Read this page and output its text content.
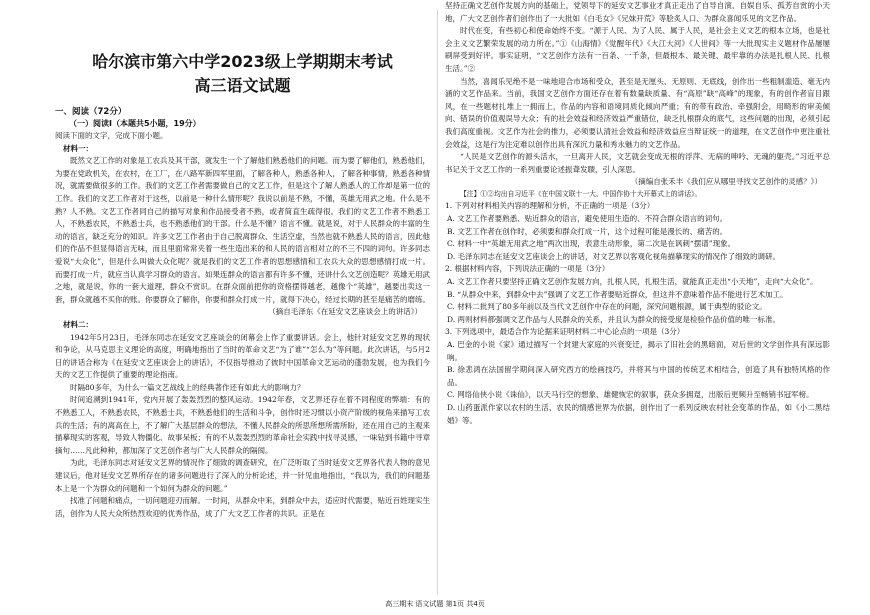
哈尔滨市第六中学2023级上学期期末考试
高三语文试题
一、阅读（72分）
（一）阅读Ⅰ（本题共5小题，19分）
阅读下面的文字，完成下面小题。
材料一：
既然文艺工作的对象是工农兵及其干部，就发生一个了解他们熟悉他们的问题。而为要了解他们，熟悉他们，为要在党政机关，在农村，在工厂，在八路军新四军里面，了解各种人，熟悉各种人，了解各种事情，熟悉各种情况，就需要做很多的工作。我们的文艺工作者需要做自己的文艺工作，但是这个了解人熟悉人的工作却是第一位的工作。我们的文艺工作者对于这些，以前是一种什么情形呢？我说以前是不熟，不懂，英雄无用武之地。什么是不熟？人不熟。文艺工作者同自己的描写对象和作品接受者不熟，或者简直生疏得很。我们的文艺工作者不熟悉工人，不熟悉农民，不熟悉士兵，也不熟悉他们的干部。什么是不懂？语言不懂。就是说，对于人民群众的丰富的生动的语言，缺乏充分的知识。许多文艺工作者由于自己脱离群众、生活空虚，当然也就不熟悉人民的语言，因此他们的作品不但显得语言无味，而且里面常常夹着一些生造出来的和人民的语言相对立的不三不四的词句。许多同志爱说“大众化”，但是什么叫做大众化呢？就是我们的文艺工作者的思想感情和工农兵大众的思想感情打成一片。而要打成一片，就应当认真学习群众的语言。如果连群众的语言都有许多不懂，还讲什么文艺创造呢？英雄无用武之地，就是说，你的一套大道理，群众不赏识。在群众面前把你的资格摆得越老，越像个“英雄”，越要出卖这一套，群众就越不买你的账。你要群众了解你，你要和群众打成一片，就得下决心，经过长期的甚至是痛苦的磨练。
（摘自毛泽东《在延安文艺座谈会上的讲话》）
材料二：
1942年5月23日，毛泽东同志在延安文艺座谈会的闭幕会上作了重要讲话。会上，他针对延安文艺界的现状和争论，从马克思主义理论的高度，明确地指出了当时的革命文艺“为了谁”“怎么为”等问题。此次讲话，与5月2日的讲话合称为《在延安文艺座谈会上的讲话》，不仅指导推动了彼时中国革命文艺运动的蓬勃发展，也为我们今天的文艺工作提供了重要的理论指南。
时隔80多年，为什么一篇文艺战线上的经典著作还有如此大的影响力？
时间追溯到1941年，党内开展了轰轰烈烈的整风运动。1942年春，文艺界还存在着不同程度的弊端：有的不熟悉工人，不熟悉农民，不熟悉士兵，不熟悉他们的生活和斗争，创作时还习惯以小资产阶级的视角来描写工农兵的生活；有的离高在上，不了解广大基层群众的想法，不懂人民群众的所思所想所需所盼，还在用自己的主观来描摹现实的客观，导致人物僵化、故事呆板；有的不从轰轰烈烈的革命社会实践中找寻灵感，一味钻到书籍中寻章摘句……凡此种种，都加深了文艺创作者与广大人民群众的隔阂。
为此，毛泽东同志对延安文艺界的情况作了细致的调查研究，在广泛听取了当时延安文艺界各代表人物的意见建议后，他对延安文艺界所存在的诸多问题进行了深入的分析论述，并一针见血地指出，“我以为，我们的问题基本上是一个为群众的问题和一个如何为群众的问题。”
找准了问题和痛点，一切问题迎刃而解。一时间，从群众中来，到群众中去，适应时代需要，贴近百姓现实生活，创作为人民大众所热烈欢迎的优秀作品，成了广大文艺工作者的共识。正是在
坚持正确文艺创作发展方向的基础上，党领导下的延安文艺事业才真正走出了自导自演、自娱自乐、孤芳自赏的小天地，广大文艺创作者们创作出了一大批如《白毛女》《兄妹开荒》等脍炙人口、为群众喜闻乐见的文艺作品。
时代在变，有些初心和使命始终不变。“源于人民、为了人民、属于人民，是社会主义文艺的根本立场，也是社会主义文艺繁荣发展的动力所在。”①《山海情》《觉醒年代》《大江大河》《人世间》等一大批现实主义题材作品屡屡刷屏受到好评。事实证明，“文艺创作方法有一百条、一千条，但最根本、最关键、最牢靠的办法是扎根人民、扎根生活。”②
当然，喜闻乐见绝不是一味地迎合市场和受众，甚至是无厘头、无原则、无底线，创作出一些粗制滥造、毫无内涵的文艺作品来。当前，我国文艺创作方面还存在着有数量缺质量、有“高原”缺“高峰”的现象，有的创作者盲目跟风，在一些题材扎堆上一拥而上，作品的内容和语境同质化倾向严重；有的带有政治、牵强附会，用畸形的审美倾向、错误的价值观误导大众；有的社会效益和经济效益严重错位，缺乏扎根群众的底气，这些问题的出现，必须引起我们高度重视。文艺作为社会的推力，必须要认清社会效益和经济效益应当辩证统一的道理，在文艺创作中更注重社会效益，这是行为注定难以创作出具有深沉力量和秀永魅力的文艺作品。
“人民是文艺创作的源头活水，一旦离开人民，文艺就会变成无根的浮萍、无病的呻吟、无魂的躯壳。”习近平总书记关于文艺工作的一系列重要论述振聋发聩，引人深思。
（摘编自张禾丰《我们应从哪里寻找文艺创作的灵感？》）
【注】①②均出自习近平《在中国文联十一大、中国作协十大开幕式上的讲话》。
1. 下列对材料相关内容的理解和分析，不正确的一项是（3分）
A. 文艺工作者要熟悉、贴近群众的语言，避免使用生造的、不符合群众语言的词句。
B. 文艺工作者在创作时，必须要和群众打成一片，这个过程可能是漫长的、痛苦的。
C. 材料一中“英雄无用武之地”两次出现，表意生动形象，第二次是在讽刺“摆谱”现象。
D. 毛泽东同志在延安文艺座谈会上的讲话，对文艺界以客观化视角描摹现实的情况作了细致的调研。
2. 根据材料内容，下列说法正确的一项是（3分）
A. 文艺工作者只要坚持正确文艺创作发展方向，扎根人民，扎根生活，就能真正走出“小天地”，走向“大众化”。
B. “从群众中来，到群众中去”强调了文艺工作者要贴近群众，但这并不意味着作品不能进行艺术加工。
C. 材料二批判了80多年前以及当代文艺创作中存在的问题，深究问题根源，属于典型的驳论文。
D. 两则材料都强调文艺作品与人民群众的关系，并且认为群众的接受度是检验作品价值的唯一标准。
3. 下列选项中，最适合作为论据来证明材料二中心论点的一项是（3分）
A. 巴金的小说《家》通过描写一个封建大家庭的兴衰变迁，揭示了旧社会的黑暗面，对后世的文学创作具有深远影响。
B. 徐悲鸿在法国留学期间深入研究西方的绘画技巧，并将其与中国的传统艺术相结合，创造了具有独特风格的作品。
C. 网络仙侠小说《诛仙》，以天马行空的想象、雄健恢宏的叙事，获众多拥趸，出版后更频升至畅销书冠军榜。
D. 山药蛋派作家以农村的生活、农民的情感世界为依据，创作出了一系列反映农村社会变革的作品，如《小二黑结婚》等。
高三期末 语文试题 第1页 共4页
